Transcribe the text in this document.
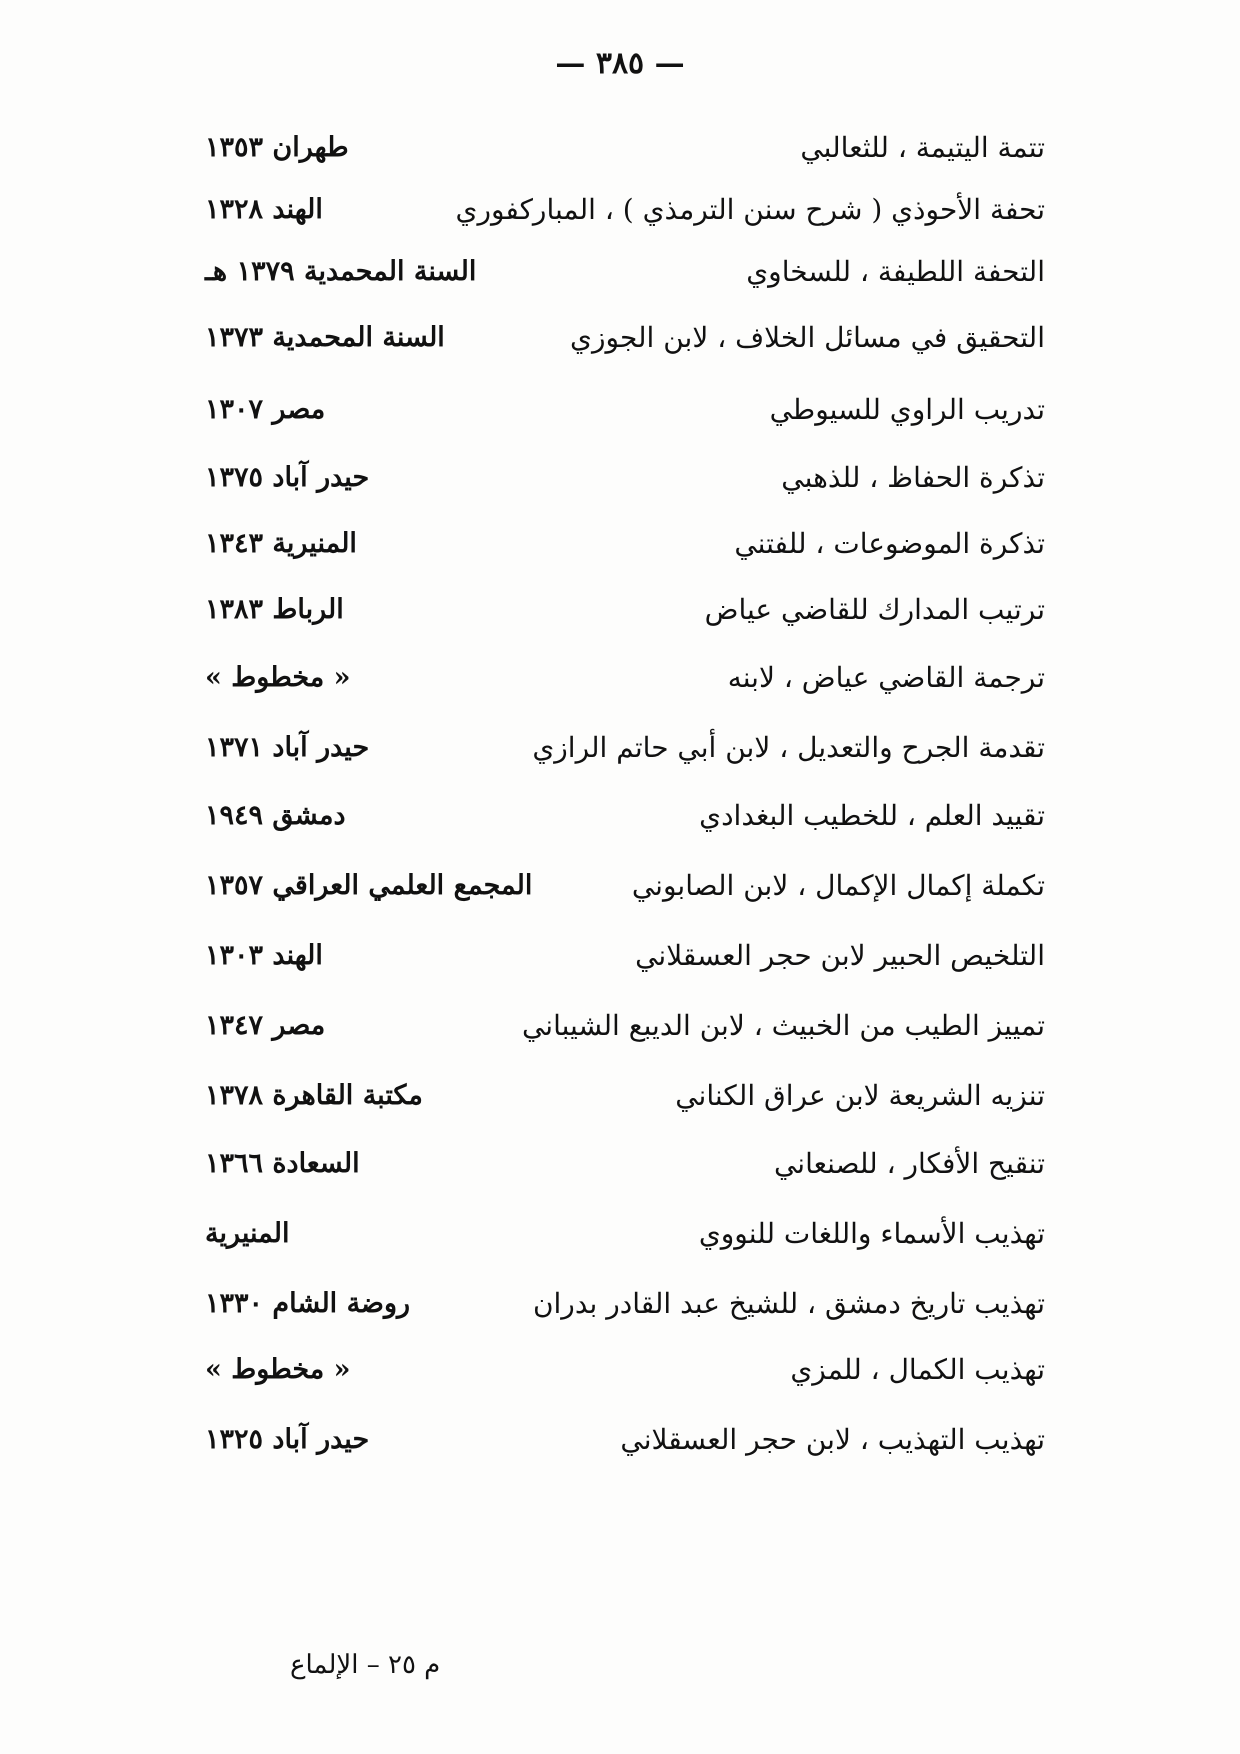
— ٣٨٥ —
تتمة اليتيمة ، للثعالبي
طهران ١٣٥٣
تحفة الأحوذي ( شرح سنن الترمذي ) ، المباركفوري
الهند ١٣٢٨
التحفة اللطيفة ، للسخاوي
السنة المحمدية ١٣٧٩ هـ
التحقيق في مسائل الخلاف ، لابن الجوزي
السنة المحمدية ١٣٧٣
تدريب الراوي للسيوطي
مصر ١٣٠٧
تذكرة الحفاظ ، للذهبي
حيدر آباد ١٣٧٥
تذكرة الموضوعات ، للفتني
المنيرية ١٣٤٣
ترتيب المدارك للقاضي عياض
الرباط ١٣٨٣
ترجمة القاضي عياض ، لابنه
« مخطوط »
تقدمة الجرح والتعديل ، لابن أبي حاتم الرازي
حيدر آباد ١٣٧١
تقييد العلم ، للخطيب البغدادي
دمشق ١٩٤٩
تكملة إكمال الإكمال ، لابن الصابوني
المجمع العلمي العراقي ١٣٥٧
التلخيص الحبير لابن حجر العسقلاني
الهند ١٣٠٣
تمييز الطيب من الخبيث ، لابن الديبع الشيباني
مصر ١٣٤٧
تنزيه الشريعة لابن عراق الكناني
مكتبة القاهرة ١٣٧٨
تنقيح الأفكار ، للصنعاني
السعادة ١٣٦٦
تهذيب الأسماء واللغات للنووي
المنيرية
تهذيب تاريخ دمشق ، للشيخ عبد القادر بدران
روضة الشام ١٣٣٠
تهذيب الكمال ، للمزي
« مخطوط »
تهذيب التهذيب ، لابن حجر العسقلاني
حيدر آباد ١٣٢٥
م ٢٥ – الإلماع
